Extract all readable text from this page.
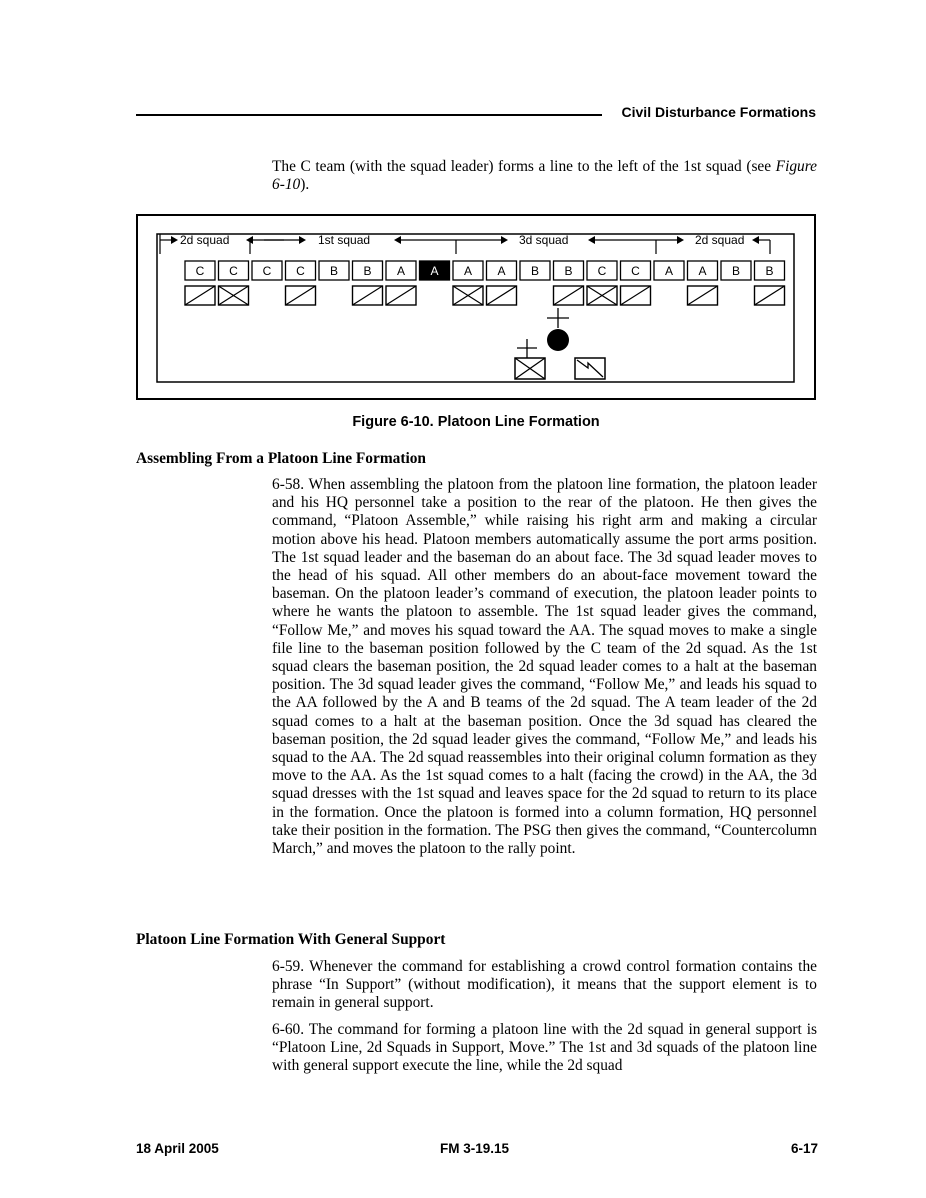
Civil Disturbance Formations

The C team (with the squad leader) forms a line to the left of the 1st squad (see Figure 6-10).

2d squad	1st squad	3d squad	2d squad
C C C C B B A A A A B B C C A A B B
Figure 6-10. Platoon Line Formation
Assembling From a Platoon Line Formation

6-58. When assembling the platoon from the platoon line formation, the platoon leader and his HQ personnel take a position to the rear of the platoon. He then gives the command, “Platoon Assemble,” while raising his right arm and making a circular motion above his head. Platoon members automatically assume the port arms position. The 1st squad leader and the baseman do an about face. The 3d squad leader moves to the head of his squad. All other members do an about-face movement toward the baseman. On the platoon leader’s command of execution, the platoon leader points to where he wants the platoon to assemble. The 1st squad leader gives the command, “Follow Me,” and moves his squad toward the AA. The squad moves to make a single file line to the baseman position followed by the C team of the 2d squad. As the 1st squad clears the baseman position, the 2d squad leader comes to a halt at the baseman position. The 3d squad leader gives the command, “Follow Me,” and leads his squad to the AA followed by the A and B teams of the 2d squad. The A team leader of the 2d squad comes to a halt at the baseman position. Once the 3d squad has cleared the baseman position, the 2d squad leader gives the command, “Follow Me,” and leads his squad to the AA. The 2d squad reassembles into their original column formation as they move to the AA. As the 1st squad comes to a halt (facing the crowd) in the AA, the 3d squad dresses with the 1st squad and leaves space for the 2d squad to return to its place in the formation. Once the platoon is formed into a column formation, HQ personnel take their position in the formation. The PSG then gives the command, “Countercolumn March,” and moves the platoon to the rally point.

Platoon Line Formation With General Support

6-59. Whenever the command for establishing a crowd control formation contains the phrase “In Support” (without modification), it means that the support element is to remain in general support.

6-60. The command for forming a platoon line with the 2d squad in general support is “Platoon Line, 2d Squads in Support, Move.” The 1st and 3d squads of the platoon line with general support execute the line, while the 2d squad

18 April 2005	FM 3-19.15	6-17
